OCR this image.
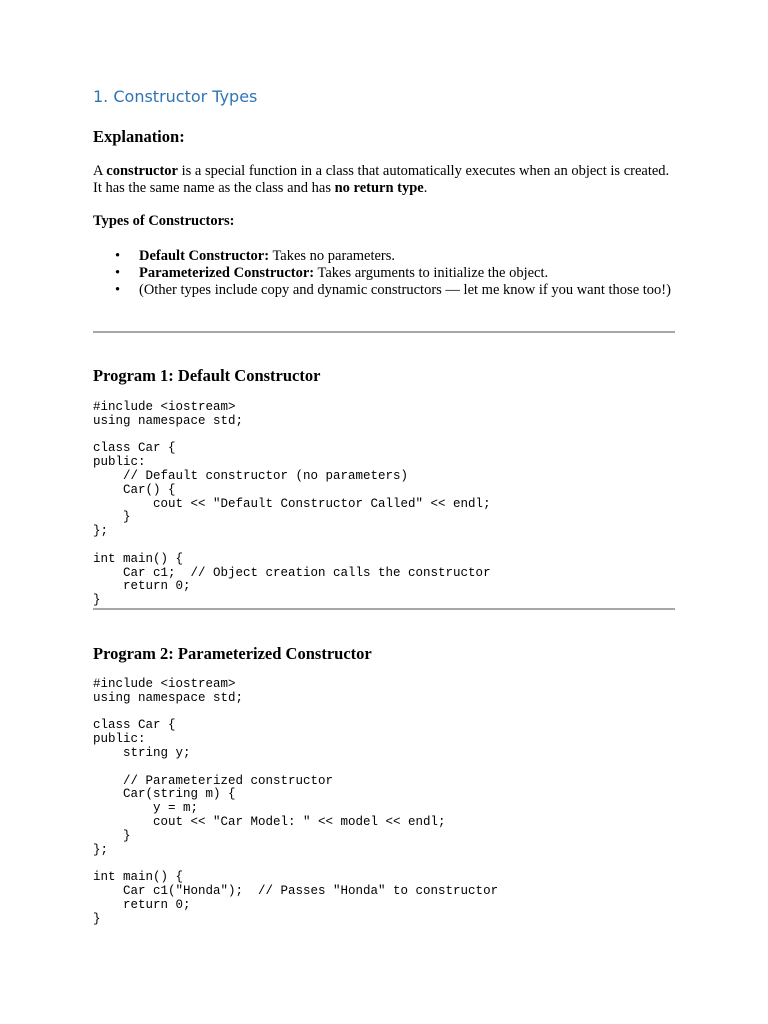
1. Constructor Types
Explanation:

A constructor is a special function in a class that automatically executes when an object is created. It has the same name as the class and has no return type.

Types of Constructors:
• Default Constructor: Takes no parameters.
• Parameterized Constructor: Takes arguments to initialize the object.
• (Other types include copy and dynamic constructors — let me know if you want those too!)
Program 1: Default Constructor
#include <iostream>
using namespace std;

class Car {
public:
// Default constructor (no parameters)
Car() {
cout << "Default Constructor Called" << endl;
}
};

int main() {
Car c1;  // Object creation calls the constructor
return 0;
}
Program 2: Parameterized Constructor
#include <iostream>
using namespace std;

class Car {
public:
string y;

// Parameterized constructor
Car(string m) {
y = m;
cout << "Car Model: " << model << endl;
}
};

int main() {
Car c1("Honda");  // Passes "Honda" to constructor
return 0;
}
